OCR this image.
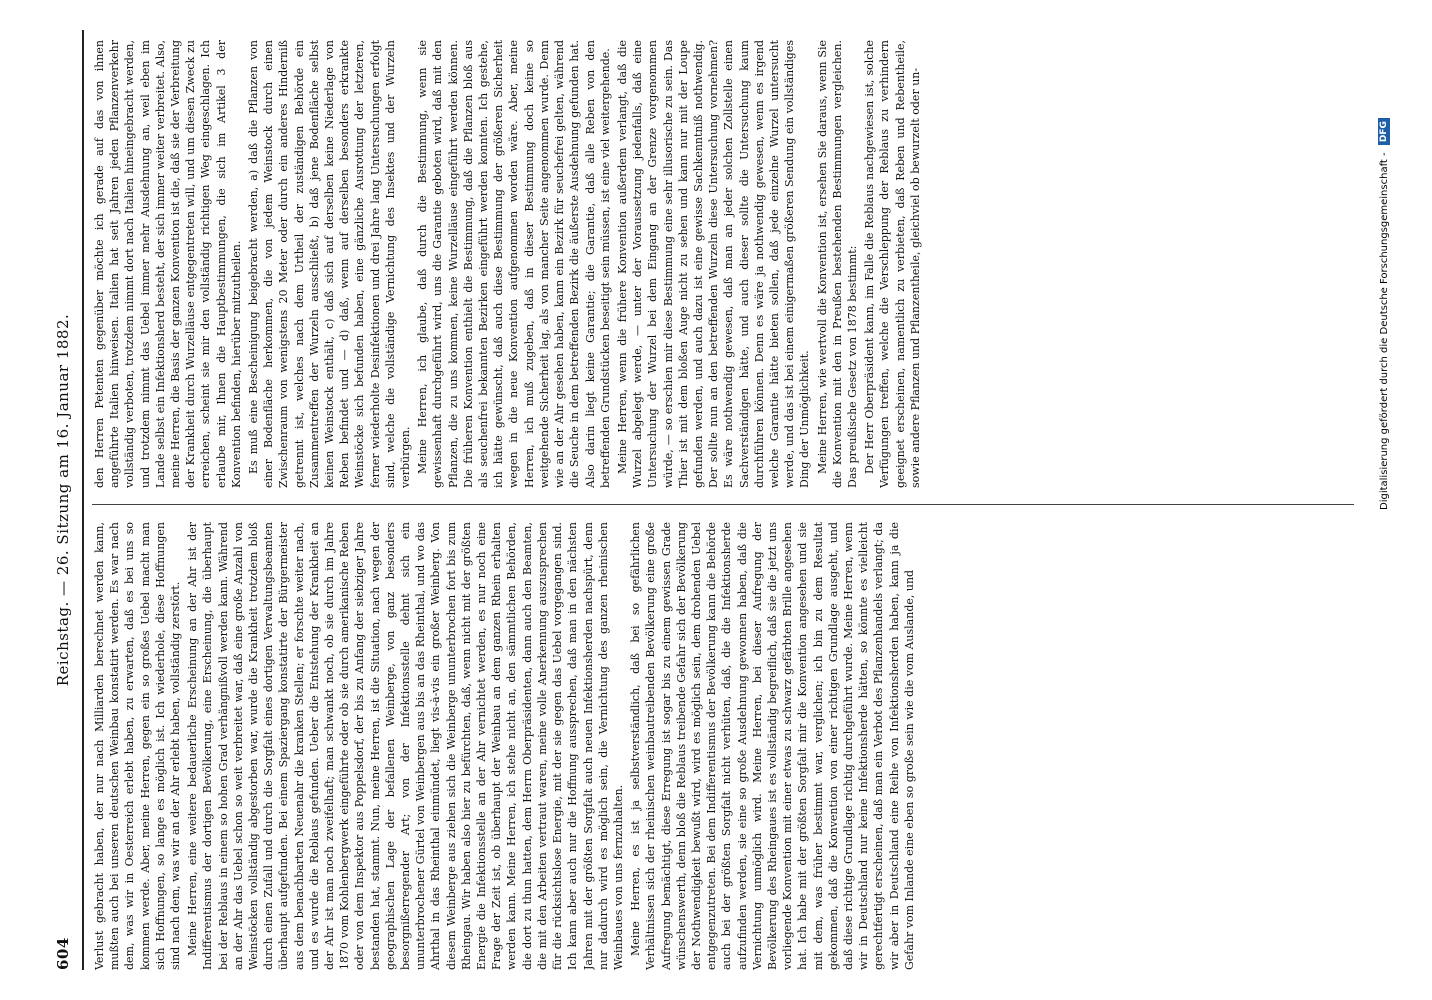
604
Reichstag. — 26. Sitzung am 16. Januar 1882.

Verlust gebracht haben, der nur nach Milliarden berechnet werden kann, mußten auch bei unseren deutschen Weinbau konstatirt werden. Es war nach dem, was wir in Oesterreich erlebt haben, zu erwarten, daß es bei uns so kommen werde. Aber, meine Herren, gegen ein so großes Uebel macht man sich Hoffnungen, so lange es möglich ist. Ich wiederhole, diese Hoffnungen sind nach dem, was wir an der Ahr erlebt haben, vollständig zerstört. Meine Herren, eine weitere bedauerliche Erscheinung an der Ahr ist der Indifferentismus der dortigen Bevölkerung, eine Erscheinung, die überhaupt bei der Reblaus in einem so hohen Grad verhängnißvoll werden kann. Während an der Ahr das Uebel schon so weit verbreitet war, daß eine große Anzahl von Weinstöcken vollständig abgestorben war, wurde die Krankheit trotzdem bloß durch einen Zufall und durch die Sorgfalt eines dortigen Verwaltungsbeamten überhaupt aufgefunden. Bei einem Spaziergang konstatirte der Bürgermeister aus dem benachbarten Neuenahr die kranken Stellen; er forschte weiter nach, und es wurde die Reblaus gefunden. Ueber die Entstehung der Krankheit an der Ahr ist man noch zweifelhaft; man schwankt noch, ob sie durch im Jahre 1870 vom Kohlenbergwerk eingeführte oder ob sie durch amerikanische Reben oder von dem Inspektor aus Poppelsdorf, der bis zu Anfang der siebziger Jahre bestanden hat, stammt. Nun, meine Herren, ist die Situation, nach wegen der geographischen Lage der befallenen Weinberge, von ganz besonders besorgnißerregender Art; von der Infektionsstelle dehnt sich ein ununterbrochener Gürtel von Weinbergen aus bis an das Rheinthal, und wo das Ahrthal in das Rheinthal einmündet, liegt vis-à-vis ein großer Weinberg. Von diesem Weinberge aus ziehen sich die Weinberge ununterbrochen fort bis zum Rheingau. Wir haben also hier zu befürchten, daß, wenn nicht mit der größten Energie die Infektionsstelle an der Ahr vernichtet werden, es nur noch eine Frage der Zeit ist, ob überhaupt der Weinbau an dem ganzen Rhein erhalten werden kann. Meine Herren, ich stehe nicht an, den sämmtlichen Behörden, die dort zu thun hatten, dem Herrn Oberpräsidenten, dann auch den Beamten, die mit den Arbeiten vertraut waren, meine volle Anerkennung auszusprechen für die rücksichtslose Energie, mit der sie gegen das Uebel vorgegangen sind. Ich kann aber auch nur die Hoffnung aussprechen, daß man in den nächsten Jahren mit der größten Sorgfalt auch neuen Infektionsherden nachspürt, denn nur dadurch wird es möglich sein, die Vernichtung des ganzen rheinischen Weinbaues von uns fernzuhalten. Meine Herren, es ist ja selbstverständlich, daß bei so gefährlichen Verhältnissen sich der rheinischen weinbautreibenden Bevölkerung eine große Aufregung bemächtigt, diese Erregung ist sogar bis zu einem gewissen Grade wünschenswerth, denn bloß die Reblaus treibende Gefahr sich der Bevölkerung der Nothwendigkeit bewußt wird, wird es möglich sein, dem drohenden Uebel entgegenzutreten. Bei dem Indifferentismus der Bevölkerung kann die Behörde auch bei der größten Sorgfalt nicht verhüten, daß, die die Infektionsherde aufzufinden werden, sie eine so große Ausdehnung gewonnen haben, daß die Vernichtung unmöglich wird. Meine Herren, bei dieser Aufregung der Bevölkerung des Rheingaues ist es vollständig begreiflich, daß sie die jetzt uns vorliegende Konvention mit einer etwas zu schwarz gefärbten Brille angesehen hat. Ich habe mit der größten Sorgfalt mir die Konvention angesehen und sie mit dem, was früher bestimmt war, verglichen; ich bin zu dem Resultat gekommen, daß die Konvention von einer richtigen Grundlage ausgeht, und daß diese richtige Grundlage richtig durchgeführt wurde. Meine Herren, wenn wir in Deutschland nur keine Infektionsherde hätten, so könnte es vielleicht gerechtfertigt erscheinen, daß man ein Verbot des Pflanzenhandels verlangt; da wir aber in Deutschland eine Reihe von Infektionsherden haben, kann ja die Gefahr vom Inlande eine eben so große sein wie die vom Auslande, und

den Herren Petenten gegenüber möchte ich gerade auf das von ihnen angeführte Italien hinweisen. Italien hat seit Jahren jeden Pflanzenverkehr vollständig verboten, trotzdem nimmt dort nach Italien hineingebracht werden, und trotzdem nimmt das Uebel immer mehr Ausdehnung an, weil eben im Lande selbst ein Infektionsherd besteht, der sich immer weiter verbreitet. Also, meine Herren, die Basis der ganzen Konvention ist die, daß sie der Verbreitung der Krankheit durch Wurzelläuse entgegentreten will, und um diesen Zweck zu erreichen, scheint sie mir den vollständig richtigen Weg eingeschlagen. Ich erlaube mir, Ihnen die Hauptbestimmungen, die sich im Artikel 3 der Konvention befinden, hierüber mitzutheilen. Es muß eine Bescheinigung beigebracht werden, a) daß die Pflanzen von einer Bodenfläche herkommen, die von jedem Weinstock durch einen Zwischenraum von wenigstens 20 Meter oder durch ein anderes Hinderniß getrennt ist, welches nach dem Urtheil der zuständigen Behörde ein Zusammentreffen der Wurzeln ausschließt, b) daß jene Bodenfläche selbst keinen Weinstock enthält, c) daß sich auf derselben keine Niederlage von Reben befindet und — d) daß, wenn auf derselben besonders erkrankte Weinstöcke sich befunden haben, eine gänzliche Ausrottung der letzteren, ferner wiederholte Desinfektionen und drei Jahre lang Untersuchungen erfolgt sind, welche die vollständige Vernichtung des Insektes und der Wurzeln verbürgen. Meine Herren, ich glaube, daß durch die Bestimmung, wenn sie gewissenhaft durchgeführt wird, uns die Garantie geboten wird, daß mit den Pflanzen, die zu uns kommen, keine Wurzelläuse eingeführt werden können. Die früheren Konvention enthielt die Bestimmung, daß die Pflanzen bloß aus als seuchenfrei bekannten Bezirken eingeführt werden konnten. Ich gestehe, ich hätte gewünscht, daß auch diese Bestimmung der größeren Sicherheit wegen in die neue Konvention aufgenommen worden wäre. Aber, meine Herren, ich muß zugeben, daß in dieser Bestimmung doch keine so weitgehende Sicherheit lag, als von mancher Seite angenommen wurde. Denn wie an der Ahr gesehen haben, kann ein Bezirk für seuchefrei gelten, während die Seuche in dem betreffenden Bezirk die äußerste Ausdehnung gefunden hat. Also darin liegt keine Garantie; die Garantie, daß alle Reben von den betreffenden Grundstücken beseitigt sein müssen, ist eine viel weitergehende. Meine Herren, wenn die frühere Konvention außerdem verlangt, daß die Wurzel abgelegt werde, — unter der Voraussetzung jedenfalls, daß eine Untersuchung der Wurzel bei dem Eingang an der Grenze vorgenommen würde, — so erschien mir diese Bestimmung eine sehr illusorische zu sein. Das Thier ist mit dem bloßen Auge nicht zu sehen und kann nur mit der Loupe gefunden werden, und auch dazu ist eine gewisse Sachkenntniß nothwendig. Der sollte nun an den betreffenden Wurzeln diese Untersuchung vornehmen? Es wäre nothwendig gewesen, daß man an jeder solchen Zollstelle einen Sachverständigen hätte, und auch dieser sollte die Untersuchung kaum durchführen können. Denn es wäre ja nothwendig gewesen, wenn es irgend welche Garantie hätte bieten sollen, daß jede einzelne Wurzel untersucht werde, und das ist bei einem einigermaßen größeren Sendung ein vollständiges Ding der Unmöglichkeit. Meine Herren, wie wertvoll die Konvention ist, ersehen Sie daraus, wenn Sie die Konvention mit den in Preußen bestehenden Bestimmungen vergleichen. Das preußische Gesetz von 1878 bestimmt: Der Herr Oberpräsident kann, im Falle die Reblaus nachgewiesen ist, solche Verfügungen treffen, welche die Verschleppung der Reblaus zu verhindern geeignet erscheinen, namentlich zu verbieten, daß Reben und Rebentheile, sowie andere Pflanzen und Pflanzentheile, gleichviel ob bewurzelt oder un-	Digitalisierung gefördert durch die Deutsche Forschungsgemeinschaft - DFG
